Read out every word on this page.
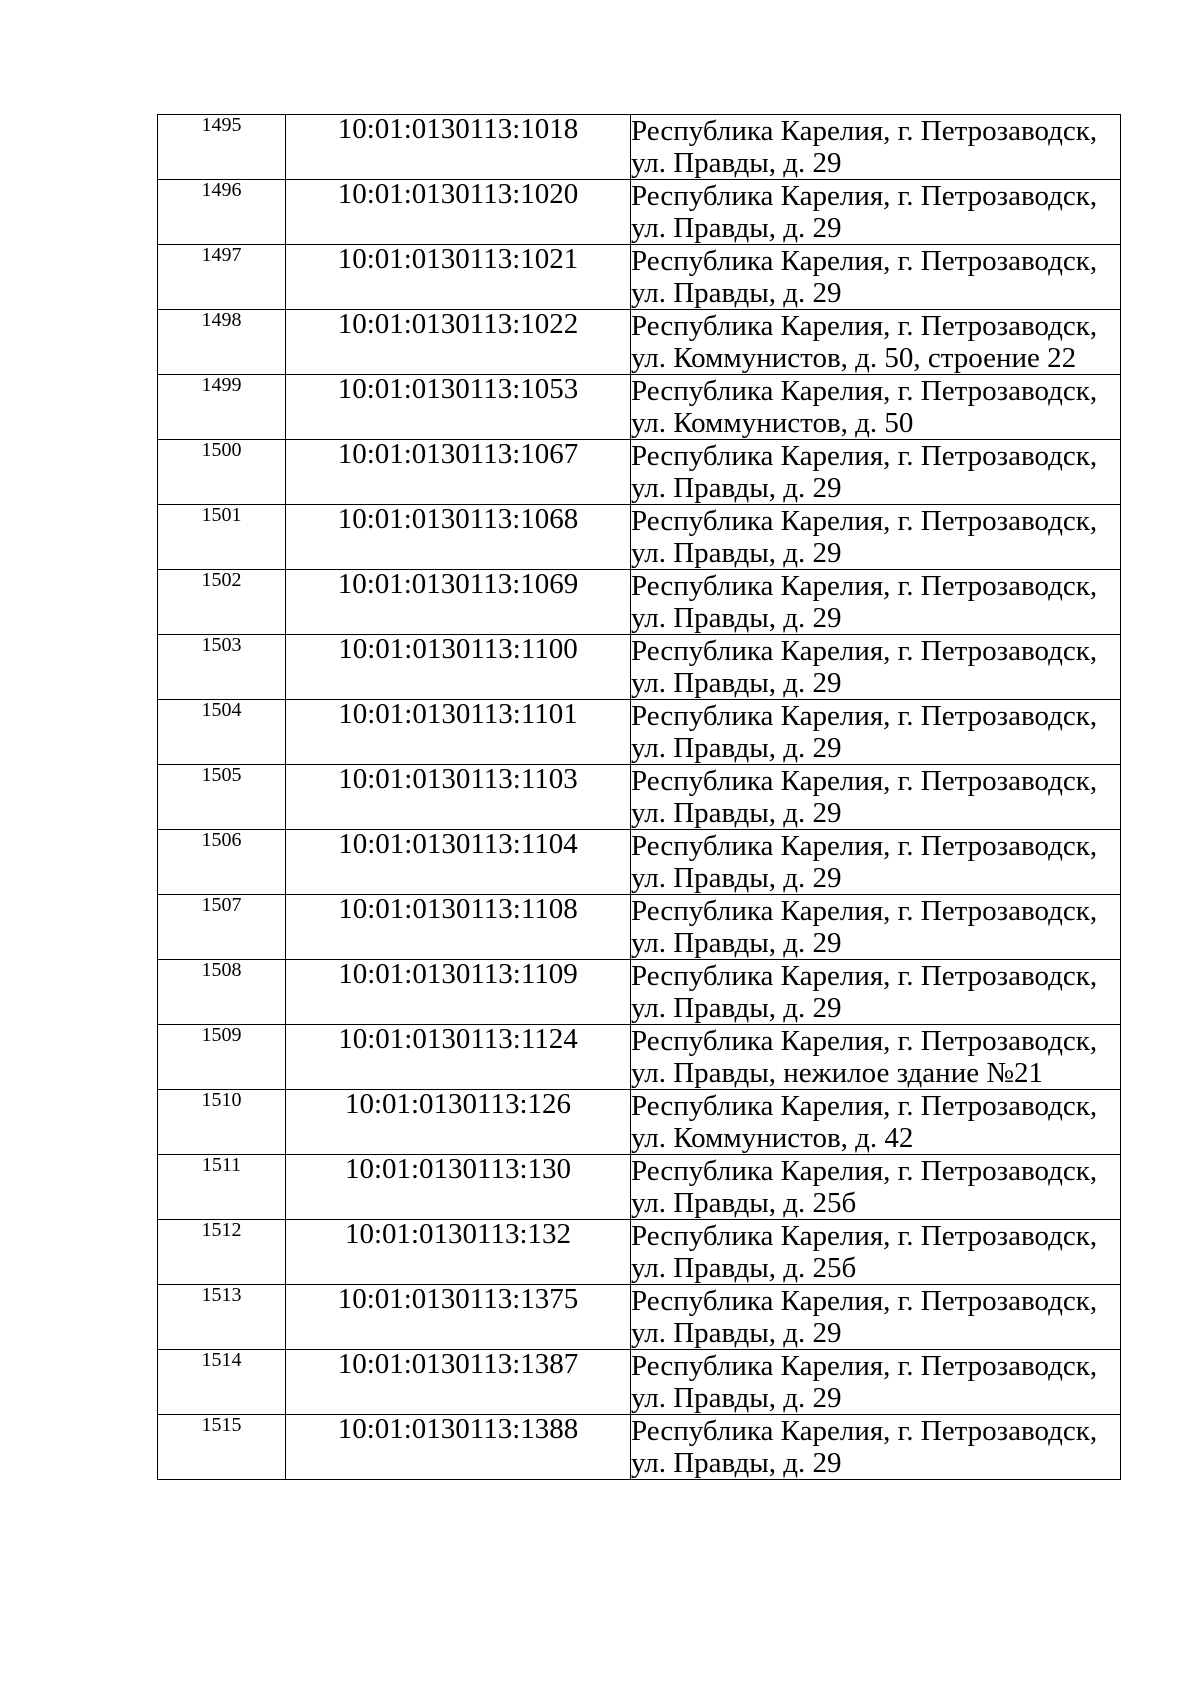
1495	10:01:0130113:1018	Республика Карелия, г. Петрозаводск,
ул. Правды, д. 29

1496	10:01:0130113:1020	Республика Карелия, г. Петрозаводск,
ул. Правды, д. 29

1497	10:01:0130113:1021	Республика Карелия, г. Петрозаводск,
ул. Правды, д. 29

1498	10:01:0130113:1022	Республика Карелия, г. Петрозаводск,
ул. Коммунистов, д. 50, строение 22

1499	10:01:0130113:1053	Республика Карелия, г. Петрозаводск,
ул. Коммунистов, д. 50

1500	10:01:0130113:1067	Республика Карелия, г. Петрозаводск,
ул. Правды, д. 29

1501	10:01:0130113:1068	Республика Карелия, г. Петрозаводск,
ул. Правды, д. 29

1502	10:01:0130113:1069	Республика Карелия, г. Петрозаводск,
ул. Правды, д. 29

1503	10:01:0130113:1100	Республика Карелия, г. Петрозаводск,
ул. Правды, д. 29

1504	10:01:0130113:1101	Республика Карелия, г. Петрозаводск,
ул. Правды, д. 29

1505	10:01:0130113:1103	Республика Карелия, г. Петрозаводск,
ул. Правды, д. 29

1506	10:01:0130113:1104	Республика Карелия, г. Петрозаводск,
ул. Правды, д. 29

1507	10:01:0130113:1108	Республика Карелия, г. Петрозаводск,
ул. Правды, д. 29

1508	10:01:0130113:1109	Республика Карелия, г. Петрозаводск,
ул. Правды, д. 29

1509	10:01:0130113:1124	Республика Карелия, г. Петрозаводск,
ул. Правды, нежилое здание №21

1510	10:01:0130113:126	Республика Карелия, г. Петрозаводск,
ул. Коммунистов, д. 42

1511	10:01:0130113:130	Республика Карелия, г. Петрозаводск,
ул. Правды, д. 25б

1512	10:01:0130113:132	Республика Карелия, г. Петрозаводск,
ул. Правды, д. 25б

1513	10:01:0130113:1375	Республика Карелия, г. Петрозаводск,
ул. Правды, д. 29

1514	10:01:0130113:1387	Республика Карелия, г. Петрозаводск,
ул. Правды, д. 29

1515	10:01:0130113:1388	Республика Карелия, г. Петрозаводск,
ул. Правды, д. 29
